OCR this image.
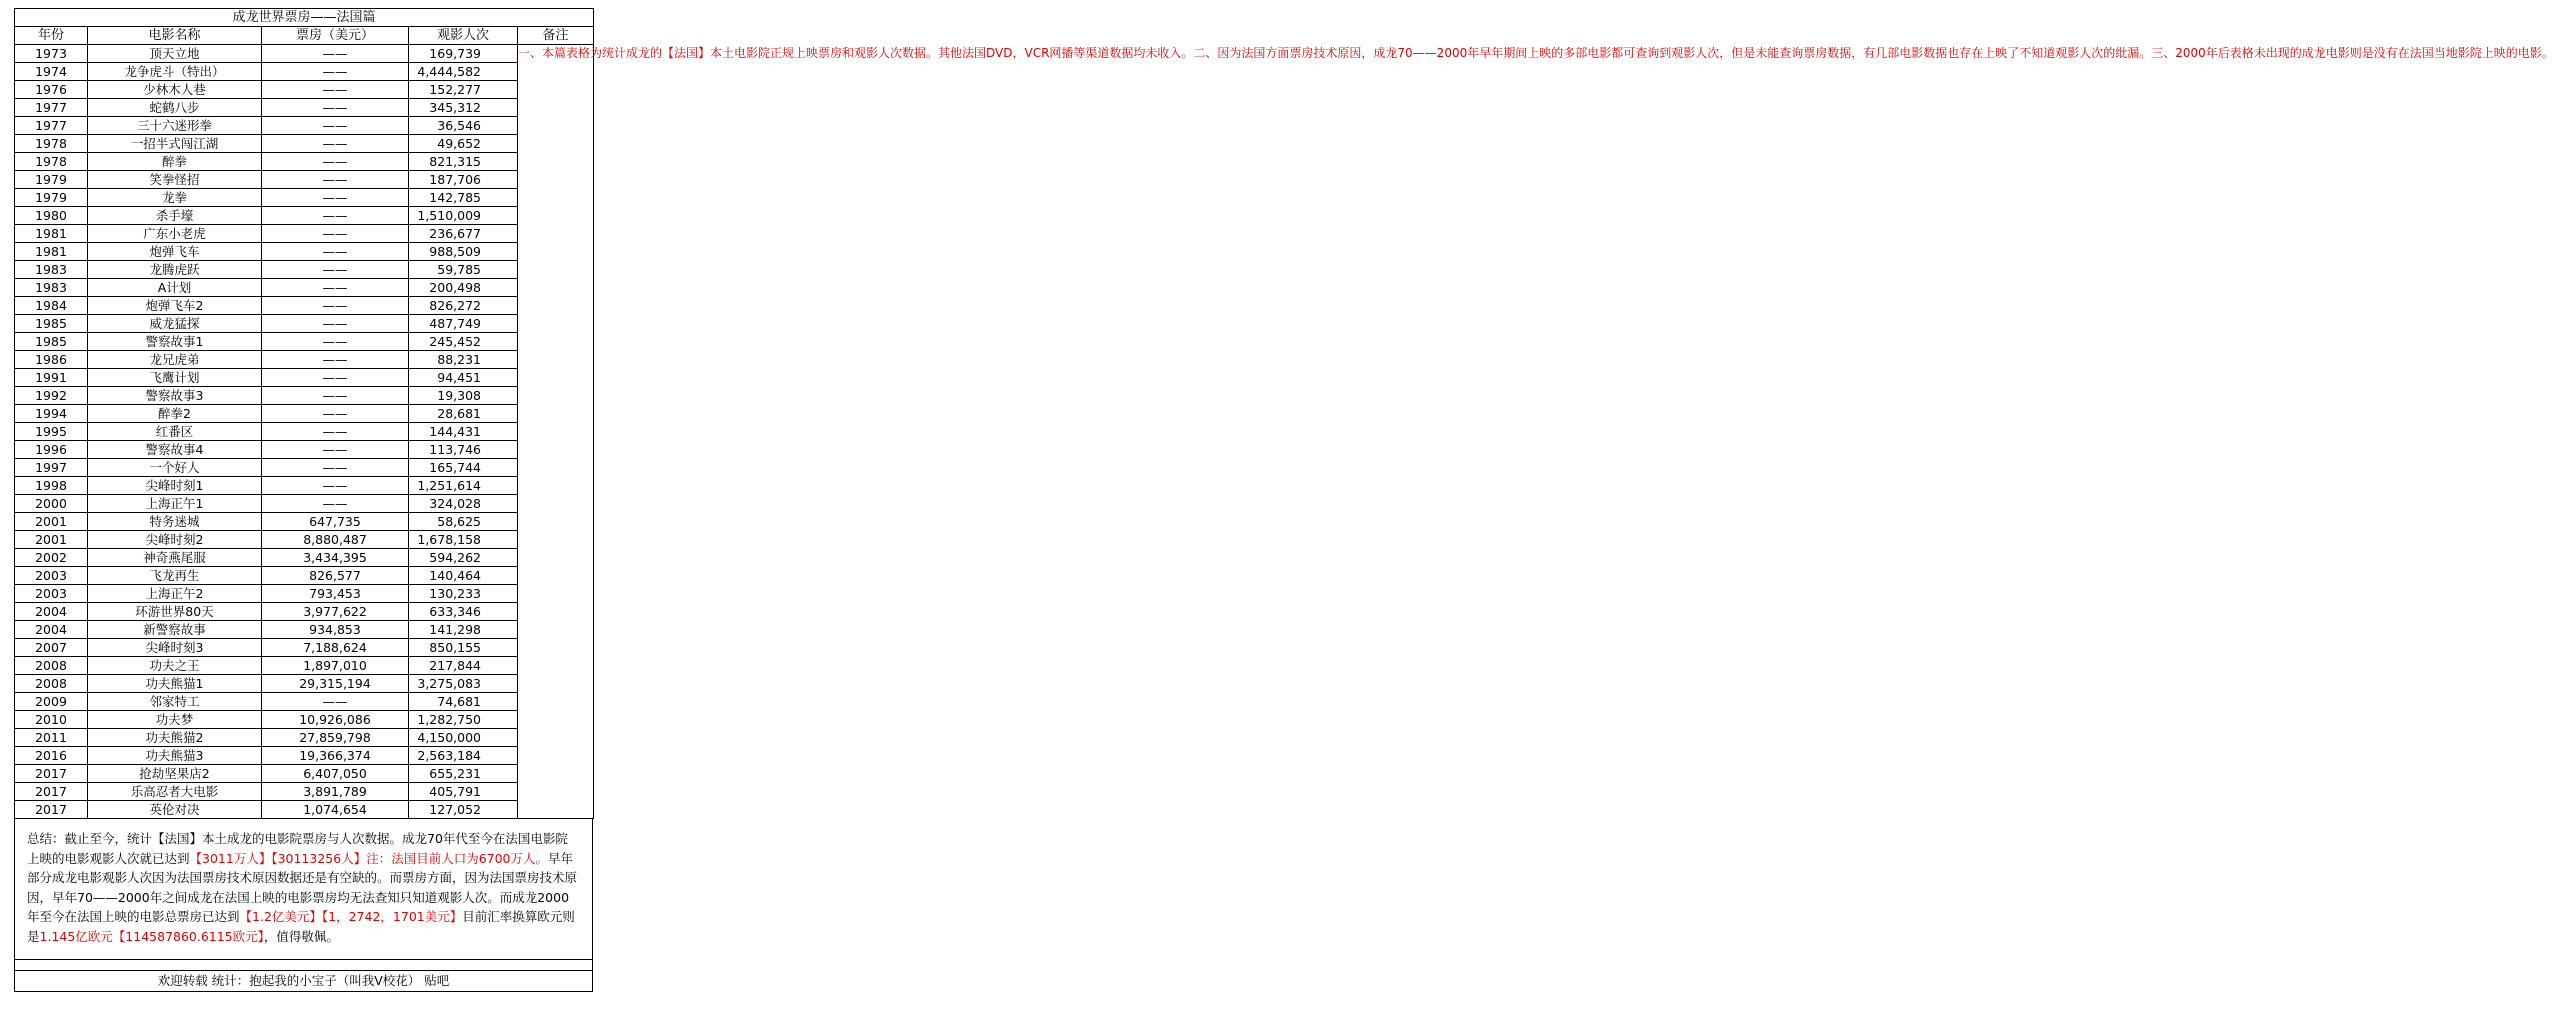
成龙世界票房——法国篇				
年份	电影名称	票房（美元）	观影人次	备注
1973	顶天立地	——	169,739	一、本篇表格为统计成龙的【法国】本土电影院正规上映票房和观影人次数据。其他法国DVD，VCR网播等渠道数据均未收入。二、因为法国方面票房技术原因，成龙70——2000年早年期间上映的多部电影都可查询到观影人次，但是未能查询票房数据，有几部电影数据也存在上映了不知道观影人次的纰漏。三、2000年后表格未出现的成龙电影则是没有在法国当地影院上映的电影。
1974	龙争虎斗（特出）	——	4,444,582	
1976	少林木人巷	——	152,277	
1977	蛇鹤八步	——	345,312	
1977	三十六迷形拳	——	36,546	
1978	一招半式闯江湖	——	49,652	
1978	醉拳	——	821,315	
1979	笑拳怪招	——	187,706	
1979	龙拳	——	142,785	
1980	杀手壕	——	1,510,009	
1981	广东小老虎	——	236,677	
1981	炮弹飞车	——	988,509	
1983	龙腾虎跃	——	59,785	
1983	A计划	——	200,498	
1984	炮弹飞车2	——	826,272	
1985	威龙猛探	——	487,749	
1985	警察故事1	——	245,452	
1986	龙兄虎弟	——	88,231	
1991	飞鹰计划	——	94,451	
1992	警察故事3	——	19,308	
1994	醉拳2	——	28,681	
1995	红番区	——	144,431	
1996	警察故事4	——	113,746	
1997	一个好人	——	165,744	
1998	尖峰时刻1	——	1,251,614	
2000	上海正午1	——	324,028	
2001	特务迷城	647,735	58,625	
2001	尖峰时刻2	8,880,487	1,678,158	
2002	神奇燕尾服	3,434,395	594,262	
2003	飞龙再生	826,577	140,464	
2003	上海正午2	793,453	130,233	
2004	环游世界80天	3,977,622	633,346	
2004	新警察故事	934,853	141,298	
2007	尖峰时刻3	7,188,624	850,155	
2008	功夫之王	1,897,010	217,844	
2008	功夫熊猫1	29,315,194	3,275,083	
2009	邻家特工	——	74,681	
2010	功夫梦	10,926,086	1,282,750	
2011	功夫熊猫2	27,859,798	4,150,000	
2016	功夫熊猫3	19,366,374	2,563,184	
2017	抢劫坚果店2	6,407,050	655,231	
2017	乐高忍者大电影	3,891,789	405,791	
2017	英伦对决	1,074,654	127,052	

总结：截止至今，统计【法国】本土成龙的电影院票房与人次数据。成龙70年代至今在法国电影院上映的电影观影人次就已达到【3011万人】【30113256人】注：法国目前人口为6700万人。早年部分成龙电影观影人次因为法国票房技术原因数据还是有空缺的。而票房方面，因为法国票房技术原因，早年70——2000年之间成龙在法国上映的电影票房均无法查知只知道观影人次。而成龙2000年至今在法国上映的电影总票房已达到【1.2亿美元】【1，2742，1701美元】目前汇率换算欧元则是1.145亿欧元【114587860.6115欧元】，值得敬佩。

欢迎转载 统计：抱起我的小宝子（叫我V校花） 贴吧
